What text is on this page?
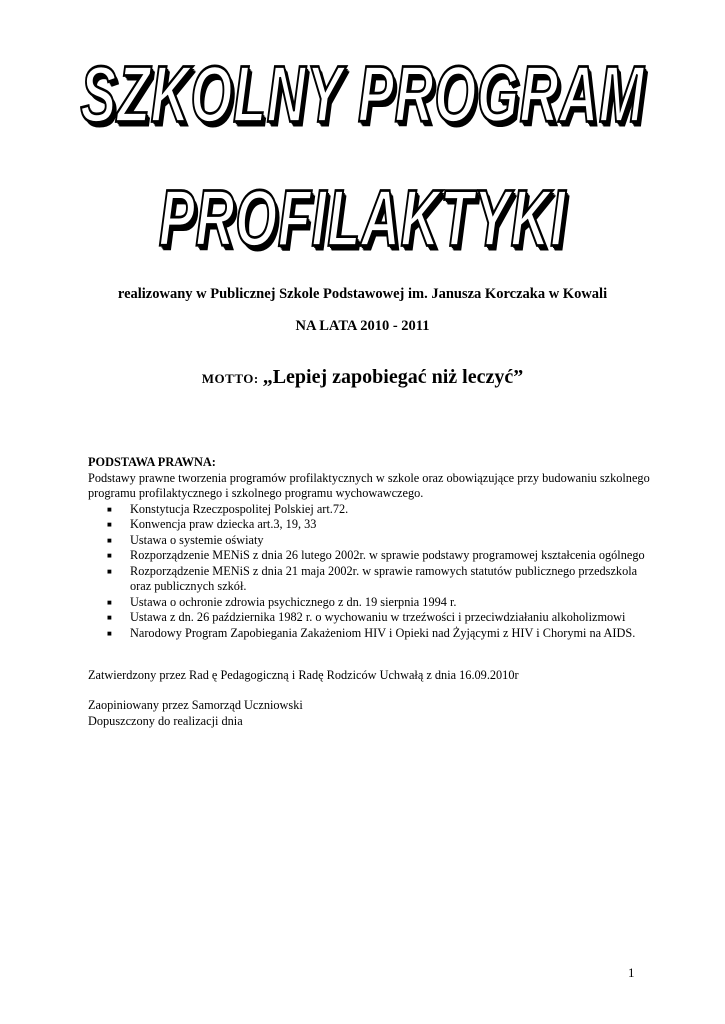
SZKOLNY PROGRAM
PROFILAKTYKI
realizowany w Publicznej Szkole Podstawowej im. Janusza Korczaka w Kowali
NA LATA 2010 - 2011
MOTTO: „Lepiej zapobiegać niż leczyć”

PODSTAWA PRAWNA:

Podstawy prawne tworzenia programów profilaktycznych w szkole oraz obowiązujące przy budowaniu szkolnego programu profilaktycznego i szkolnego programu wychowawczego.

■ Konstytucja Rzeczpospolitej Polskiej art.72.
■ Konwencja praw dziecka art.3, 19, 33
■ Ustawa o systemie oświaty
■ Rozporządzenie MENiS z dnia 26 lutego 2002r. w sprawie podstawy programowej kształcenia ogólnego
■ Rozporządzenie MENiS z dnia 21 maja 2002r. w sprawie ramowych statutów publicznego przedszkola oraz publicznych szkół.
■ Ustawa o ochronie zdrowia psychicznego z dn. 19 sierpnia 1994 r.
■ Ustawa z dn. 26 października 1982 r. o wychowaniu w trzeźwości i przeciwdziałaniu alkoholizmowi
■ Narodowy Program Zapobiegania Zakażeniom HIV i Opieki nad Żyjącymi z HIV i Chorymi na AIDS.

Zatwierdzony przez Rad ę Pedagogiczną i Radę Rodziców Uchwałą z dnia 16.09.2010r

Zaopiniowany przez Samorząd Uczniowski

Dopuszczony do realizacji dnia

1
